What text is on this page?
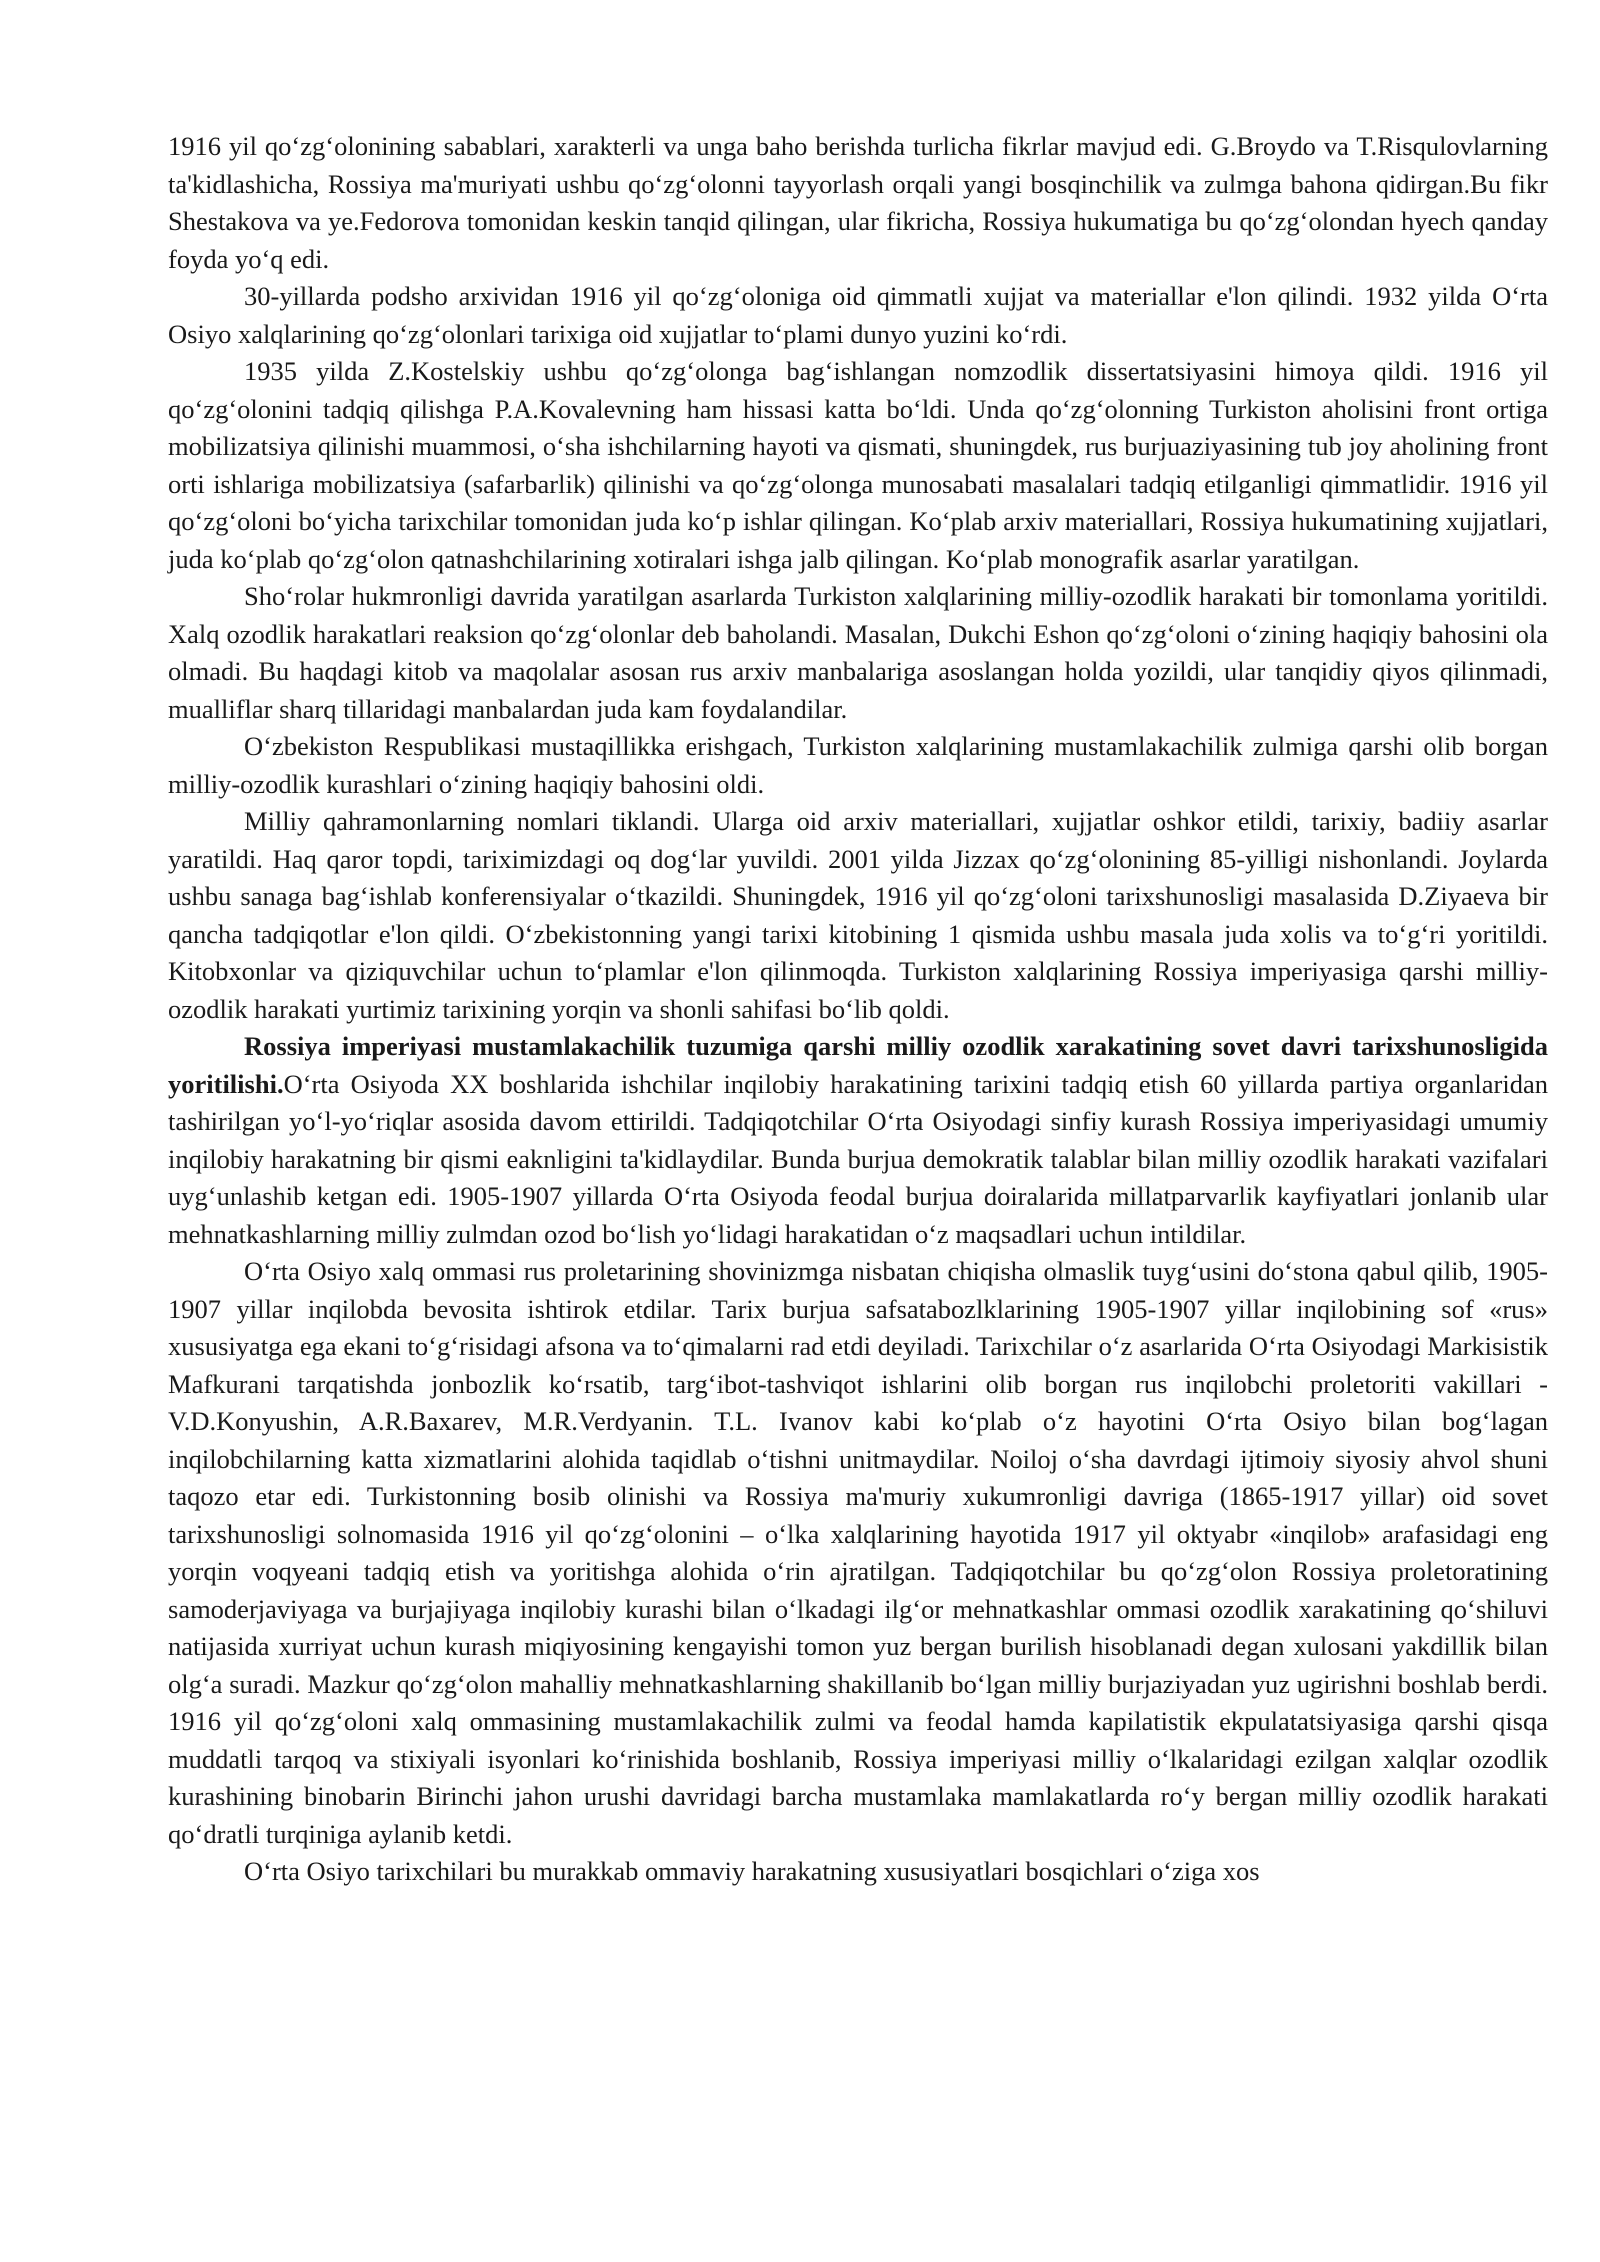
1916 yil qo‘zg‘olonining sabablari, xarakterli va unga baho berishda turlicha fikrlar mavjud edi. G.Broydo va T.Risqulovlarning ta'kidlashicha, Rossiya ma'muriyati ushbu qo‘zg‘olonni tayyorlash orqali yangi bosqinchilik va zulmga bahona qidirgan.Bu fikr Shestakova va ye.Fedorova tomonidan keskin tanqid qilingan, ular fikricha, Rossiya hukumatiga bu qo‘zg‘olondan hyech qanday foyda yo‘q edi.

30-yillarda podsho arxividan 1916 yil qo‘zg‘oloniga oid qimmatli xujjat va materiallar e'lon qilindi. 1932 yilda O‘rta Osiyo xalqlarining qo‘zg‘olonlari tarixiga oid xujjatlar to‘plami dunyo yuzini ko‘rdi.

1935 yilda Z.Kostelskiy ushbu qo‘zg‘olonga bag‘ishlangan nomzodlik dissertatsiyasini himoya qildi. 1916 yil qo‘zg‘olonini tadqiq qilishga P.A.Kovalevning ham hissasi katta bo‘ldi. Unda qo‘zg‘olonning Turkiston aholisini front ortiga mobilizatsiya qilinishi muammosi, o‘sha ishchilarning hayoti va qismati, shuningdek, rus burjuaziyasining tub joy aholining front orti ishlariga mobilizatsiya (safarbarlik) qilinishi va qo‘zg‘olonga munosabati masalalari tadqiq etilganligi qimmatlidir. 1916 yil qo‘zg‘oloni bo‘yicha tarixchilar tomonidan juda ko‘p ishlar qilingan. Ko‘plab arxiv materiallari, Rossiya hukumatining xujjatlari, juda ko‘plab qo‘zg‘olon qatnashchilarining xotiralari ishga jalb qilingan. Ko‘plab monografik asarlar yaratilgan.

Sho‘rolar hukmronligi davrida yaratilgan asarlarda Turkiston xalqlarining milliy-ozodlik harakati bir tomonlama yoritildi. Xalq ozodlik harakatlari reaksion qo‘zg‘olonlar deb baholandi. Masalan, Dukchi Eshon qo‘zg‘oloni o‘zining haqiqiy bahosini ola olmadi. Bu haqdagi kitob va maqolalar asosan rus arxiv manbalariga asoslangan holda yozildi, ular tanqidiy qiyos qilinmadi, mualliflar sharq tillaridagi manbalardan juda kam foydalandilar.

O‘zbekiston Respublikasi mustaqillikka erishgach, Turkiston xalqlarining mustamlakachilik zulmiga qarshi olib borgan milliy-ozodlik kurashlari o‘zining haqiqiy bahosini oldi.

Milliy qahramonlarning nomlari tiklandi. Ularga oid arxiv materiallari, xujjatlar oshkor etildi, tarixiy, badiiy asarlar yaratildi. Haq qaror topdi, tariximizdagi oq dog‘lar yuvildi. 2001 yilda Jizzax qo‘zg‘olonining 85-yilligi nishonlandi. Joylarda ushbu sanaga bag‘ishlab konferensiyalar o‘tkazildi. Shuningdek, 1916 yil qo‘zg‘oloni tarixshunosligi masalasida D.Ziyaeva bir qancha tadqiqotlar e'lon qildi. O‘zbekistonning yangi tarixi kitobining 1 qismida ushbu masala juda xolis va to‘g‘ri yoritildi. Kitobxonlar va qiziquvchilar uchun to‘plamlar e'lon qilinmoqda. Turkiston xalqlarining Rossiya imperiyasiga qarshi milliy-ozodlik harakati yurtimiz tarixining yorqin va shonli sahifasi bo‘lib qoldi.

Rossiya imperiyasi mustamlakachilik tuzumiga qarshi milliy ozodlik xarakatining sovet davri tarixshunosligida yoritilishi.O‘rta Osiyoda XX boshlarida ishchilar inqilobiy harakatining tarixini tadqiq etish 60 yillarda partiya organlaridan tashirilgan yo‘l-yo‘riqlar asosida davom ettirildi. Tadqiqotchilar O‘rta Osiyodagi sinfiy kurash Rossiya imperiyasidagi umumiy inqilobiy harakatning bir qismi eaknligini ta'kidlaydilar. Bunda burjua demokratik talablar bilan milliy ozodlik harakati vazifalari uyg‘unlashib ketgan edi. 1905-1907 yillarda O‘rta Osiyoda feodal burjua doiralarida millatparvarlik kayfiyatlari jonlanib ular mehnatkashlarning milliy zulmdan ozod bo‘lish yo‘lidagi harakatidan o‘z maqsadlari uchun intildilar.

O‘rta Osiyo xalq ommasi rus proletarining shovinizmga nisbatan chiqisha olmaslik tuyg‘usini do‘stona qabul qilib, 1905-1907 yillar inqilobda bevosita ishtirok etdilar. Tarix burjua safsatabozlklarining 1905-1907 yillar inqilobining sof «rus» xususiyatga ega ekani to‘g‘risidagi afsona va to‘qimalarni rad etdi deyiladi. Tarixchilar o‘z asarlarida O‘rta Osiyodagi Markisistik Mafkurani tarqatishda jonbozlik ko‘rsatib, targ‘ibot-tashviqot ishlarini olib borgan rus inqilobchi proletoriti vakillari - V.D.Konyushin, A.R.Baxarev, M.R.Verdyanin. T.L. Ivanov kabi ko‘plab o‘z hayotini O‘rta Osiyo bilan bog‘lagan inqilobchilarning katta xizmatlarini alohida taqidlab o‘tishni unitmaydilar. Noiloj o‘sha davrdagi ijtimoiy siyosiy ahvol shuni taqozo etar edi. Turkistonning bosib olinishi va Rossiya ma'muriy xukumronligi davriga (1865-1917 yillar) oid sovet tarixshunosligi solnomasida 1916 yil qo‘zg‘olonini – o‘lka xalqlarining hayotida 1917 yil oktyabr «inqilob» arafasidagi eng yorqin voqyeani tadqiq etish va yoritishga alohida o‘rin ajratilgan. Tadqiqotchilar bu qo‘zg‘olon Rossiya proletoratining samoderjaviyaga va burjajiyaga inqilobiy kurashi bilan o‘lkadagi ilg‘or mehnatkashlar ommasi ozodlik xarakatining qo‘shiluvi natijasida xurriyat uchun kurash miqiyosining kengayishi tomon yuz bergan burilish hisoblanadi degan xulosani yakdillik bilan olg‘a suradi. Mazkur qo‘zg‘olon mahalliy mehnatkashlarning shakillanib bo‘lgan milliy burjaziyadan yuz ugirishni boshlab berdi. 1916 yil qo‘zg‘oloni xalq ommasining mustamlakachilik zulmi va feodal hamda kapilatistik ekpulatatsiyasiga qarshi qisqa muddatli tarqoq va stixiyali isyonlari ko‘rinishida boshlanib, Rossiya imperiyasi milliy o‘lkalaridagi ezilgan xalqlar ozodlik kurashining binobarin Birinchi jahon urushi davridagi barcha mustamlaka mamlakatlarda ro‘y bergan milliy ozodlik harakati qo‘dratli turqiniga aylanib ketdi.

O‘rta Osiyo tarixchilari bu murakkab ommaviy harakatning xususiyatlari bosqichlari o‘ziga xos
